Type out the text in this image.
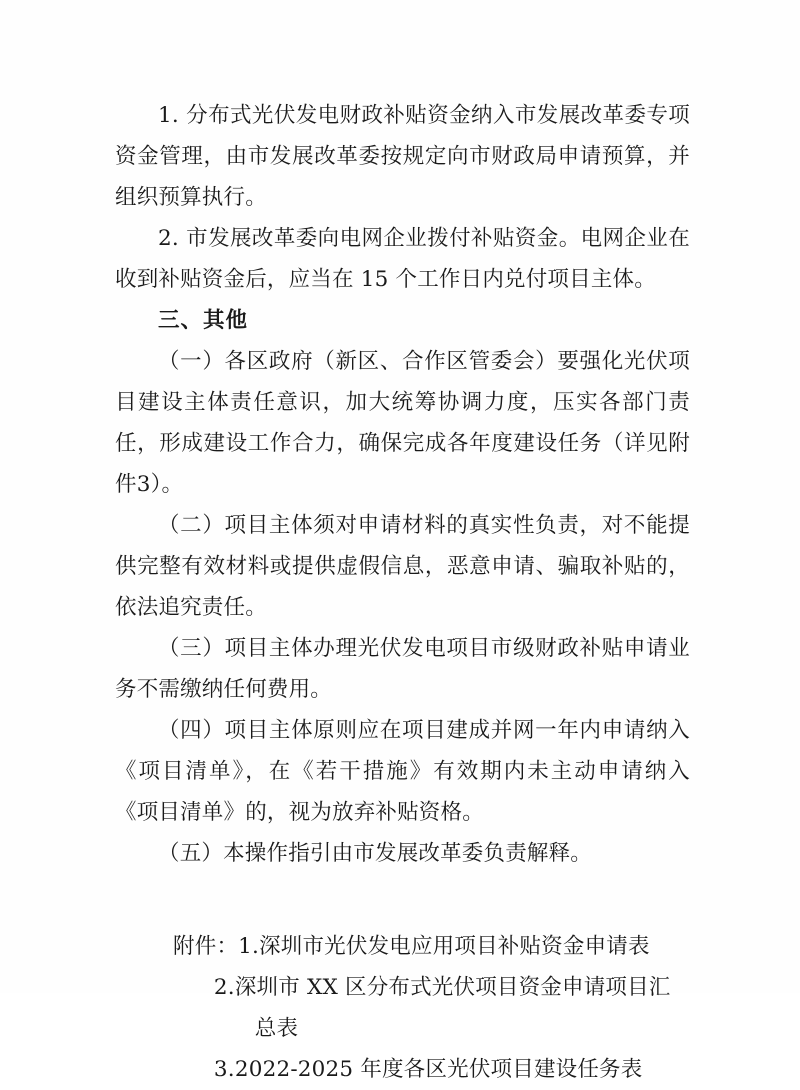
1. 分布式光伏发电财政补贴资金纳入市发展改革委专项资金管理，由市发展改革委按规定向市财政局申请预算，并组织预算执行。

2. 市发展改革委向电网企业拨付补贴资金。电网企业在收到补贴资金后，应当在 15 个工作日内兑付项目主体。

三、其他

（一）各区政府（新区、合作区管委会）要强化光伏项目建设主体责任意识，加大统筹协调力度，压实各部门责任，形成建设工作合力，确保完成各年度建设任务（详见附件3）。

（二）项目主体须对申请材料的真实性负责，对不能提供完整有效材料或提供虚假信息，恶意申请、骗取补贴的，依法追究责任。

（三）项目主体办理光伏发电项目市级财政补贴申请业务不需缴纳任何费用。

（四）项目主体原则应在项目建成并网一年内申请纳入《项目清单》，在《若干措施》有效期内未主动申请纳入《项目清单》的，视为放弃补贴资格。

（五）本操作指引由市发展改革委负责解释。

附件：1.深圳市光伏发电应用项目补贴资金申请表
2.深圳市 XX 区分布式光伏项目资金申请项目汇
总表
3.2022-2025 年度各区光伏项目建设任务表
